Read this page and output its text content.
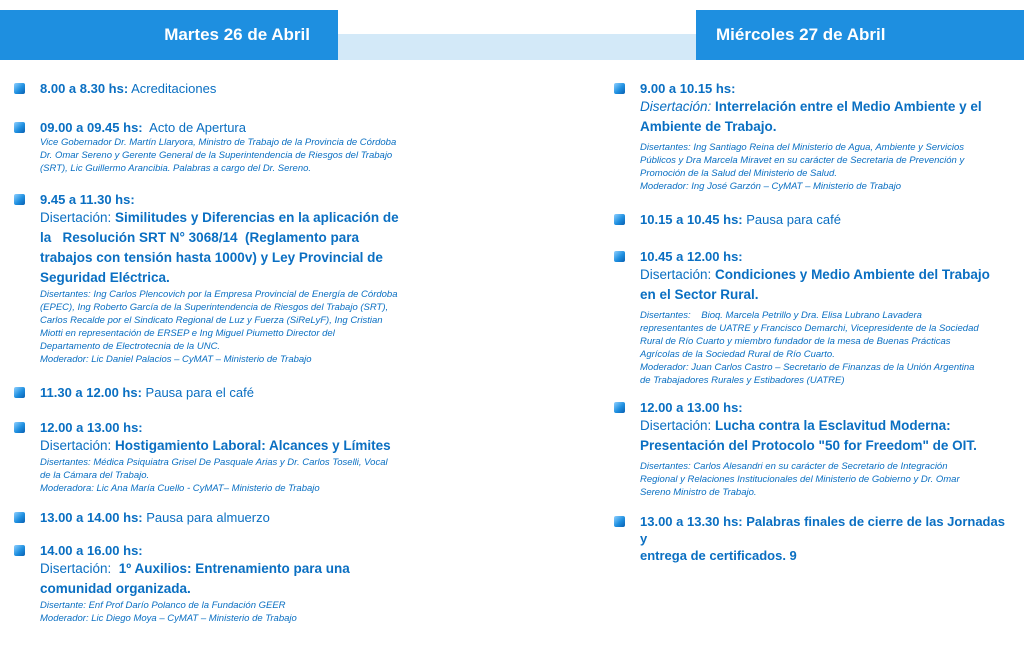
Martes 26 de Abril	Miércoles 27 de Abril
8.00 a 8.30 hs: Acreditaciones
09.00 a 09.45 hs: Acto de Apertura
Vice Gobernador Dr. Martín Llaryora, Ministro de Trabajo de la Provincia de Córdoba
Dr. Omar Sereno y Gerente General de la Superintendencia de Riesgos del Trabajo
(SRT), Lic Guillermo Arancibia. Palabras a cargo del Dr. Sereno.
9.45 a 11.30 hs:
Disertación: Similitudes y Diferencias en la aplicación de
la   Resolución SRT N° 3068/14  (Reglamento para
trabajos con tensión hasta 1000v) y Ley Provincial de
Seguridad Eléctrica.
Disertantes: Ing Carlos Plencovich por la Empresa Provincial de Energía de Córdoba
(EPEC), Ing Roberto García de la Superintendencia de Riesgos del Trabajo (SRT),
Carlos Recalde por el Sindicato Regional de Luz y Fuerza (SiReLyF), Ing Cristian
Miotti en representación de ERSEP e Ing Miguel Piumetto Director del
Departamento de Electrotecnia de la UNC.
Moderador: Lic Daniel Palacios – CyMAT – Ministerio de Trabajo
11.30 a 12.00 hs: Pausa para el café
12.00 a 13.00 hs:
Disertación: Hostigamiento Laboral: Alcances y Límites
Disertantes: Médica Psiquiatra Grisel De Pasquale Arias y Dr. Carlos Toselli, Vocal
de la Cámara del Trabajo.
Moderadora: Lic Ana María Cuello - CyMAT– Ministerio de Trabajo
13.00 a 14.00 hs: Pausa para almuerzo
14.00 a 16.00 hs:
Disertación: 1º Auxilios: Entrenamiento para una
comunidad organizada.
Disertante: Enf Prof Darío Polanco de la Fundación GEER
Moderador: Lic Diego Moya – CyMAT – Ministerio de Trabajo
9.00 a 10.15 hs:
Disertación: Interrelación entre el Medio Ambiente y el
Ambiente de Trabajo.
Disertantes: Ing Santiago Reina del Ministerio de Agua, Ambiente y Servicios
Públicos y Dra Marcela Miravet en su carácter de Secretaria de Prevención y
Promoción de la Salud del Ministerio de Salud.
Moderador: Ing José Garzón – CyMAT – Ministerio de Trabajo
10.15 a 10.45 hs: Pausa para café
10.45 a 12.00 hs:
Disertación: Condiciones y Medio Ambiente del Trabajo
en el Sector Rural.
Disertantes:    Bioq. Marcela Petrillo y Dra. Elisa Lubrano Lavadera
representantes de UATRE y Francisco Demarchi, Vicepresidente de la Sociedad
Rural de Río Cuarto y miembro fundador de la mesa de Buenas Prácticas
Agrícolas de la Sociedad Rural de Río Cuarto.
Moderador: Juan Carlos Castro – Secretario de Finanzas de la Unión Argentina
de Trabajadores Rurales y Estibadores (UATRE)
12.00 a 13.00 hs:
Disertación: Lucha contra la Esclavitud Moderna:
Presentación del Protocolo "50 for Freedom" de OIT.
Disertantes: Carlos Alesandri en su carácter de Secretario de Integración
Regional y Relaciones Institucionales del Ministerio de Gobierno y Dr. Omar
Sereno Ministro de Trabajo.
13.00 a 13.30 hs: Palabras finales de cierre de las Jornadas y
entrega de certificados. 9
